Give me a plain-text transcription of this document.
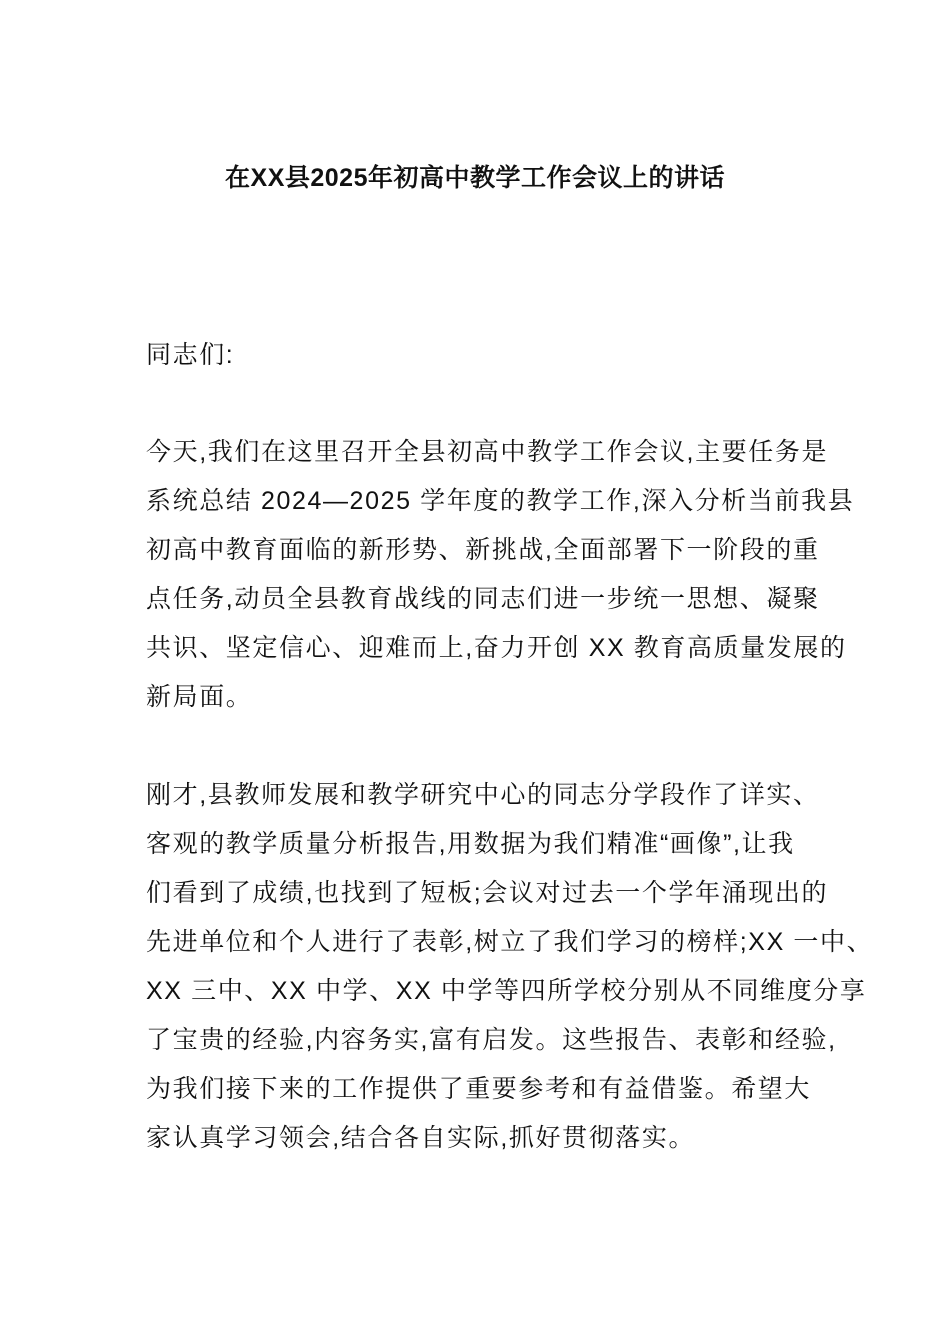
在XX县2025年初高中教学工作会议上的讲话
同志们:
今天,我们在这里召开全县初高中教学工作会议,主要任务是
系统总结 2024—2025 学年度的教学工作,深入分析当前我县
初高中教育面临的新形势、新挑战,全面部署下一阶段的重
点任务,动员全县教育战线的同志们进一步统一思想、凝聚
共识、坚定信心、迎难而上,奋力开创 XX 教育高质量发展的
新局面。
刚才,县教师发展和教学研究中心的同志分学段作了详实、
客观的教学质量分析报告,用数据为我们精准“画像”,让我
们看到了成绩,也找到了短板;会议对过去一个学年涌现出的
先进单位和个人进行了表彰,树立了我们学习的榜样;XX 一中、
XX 三中、XX 中学、XX 中学等四所学校分别从不同维度分享
了宝贵的经验,内容务实,富有启发。这些报告、表彰和经验,
为我们接下来的工作提供了重要参考和有益借鉴。希望大
家认真学习领会,结合各自实际,抓好贯彻落实。
